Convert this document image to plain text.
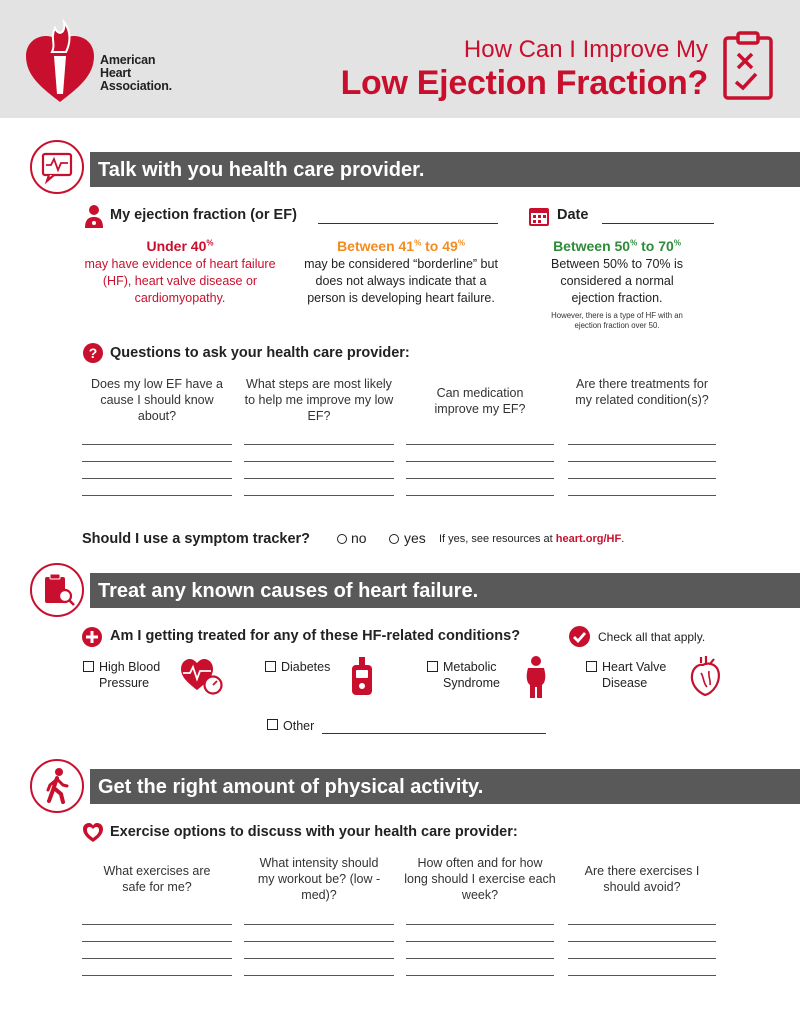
American
Heart
Association.
How Can I Improve My
Low Ejection Fraction?
Talk with you health care provider.
My ejection fraction (or EF)	Date
Under 40%
may have evidence of heart failure (HF), heart valve disease or cardiomyopathy.
Between 41% to 49%
may be considered “borderline” but does not always indicate that a person is developing heart failure.
Between 50% to 70%
Between 50% to 70% is considered a normal ejection fraction.
However, there is a type of HF with an ejection fraction over 50.
? Questions to ask your health care provider:
Does my low EF have a cause I should know about?
What steps are most likely to help me improve my low EF?
Can medication improve my EF?
Are there treatments for my related condition(s)?
Should I use a symptom tracker?	no	yes If yes, see resources at heart.org/HF.
Treat any known causes of heart failure.
Am I getting treated for any of these HF-related conditions?	Check all that apply.
High Blood Pressure
Diabetes	Metabolic Syndrome
Heart Valve Disease
Other
Get the right amount of physical activity.
Exercise options to discuss with your health care provider:
What exercises are safe for me?
What intensity should my workout be? (low - med)?
How often and for how long should I exercise each week?
Are there exercises I should avoid?
